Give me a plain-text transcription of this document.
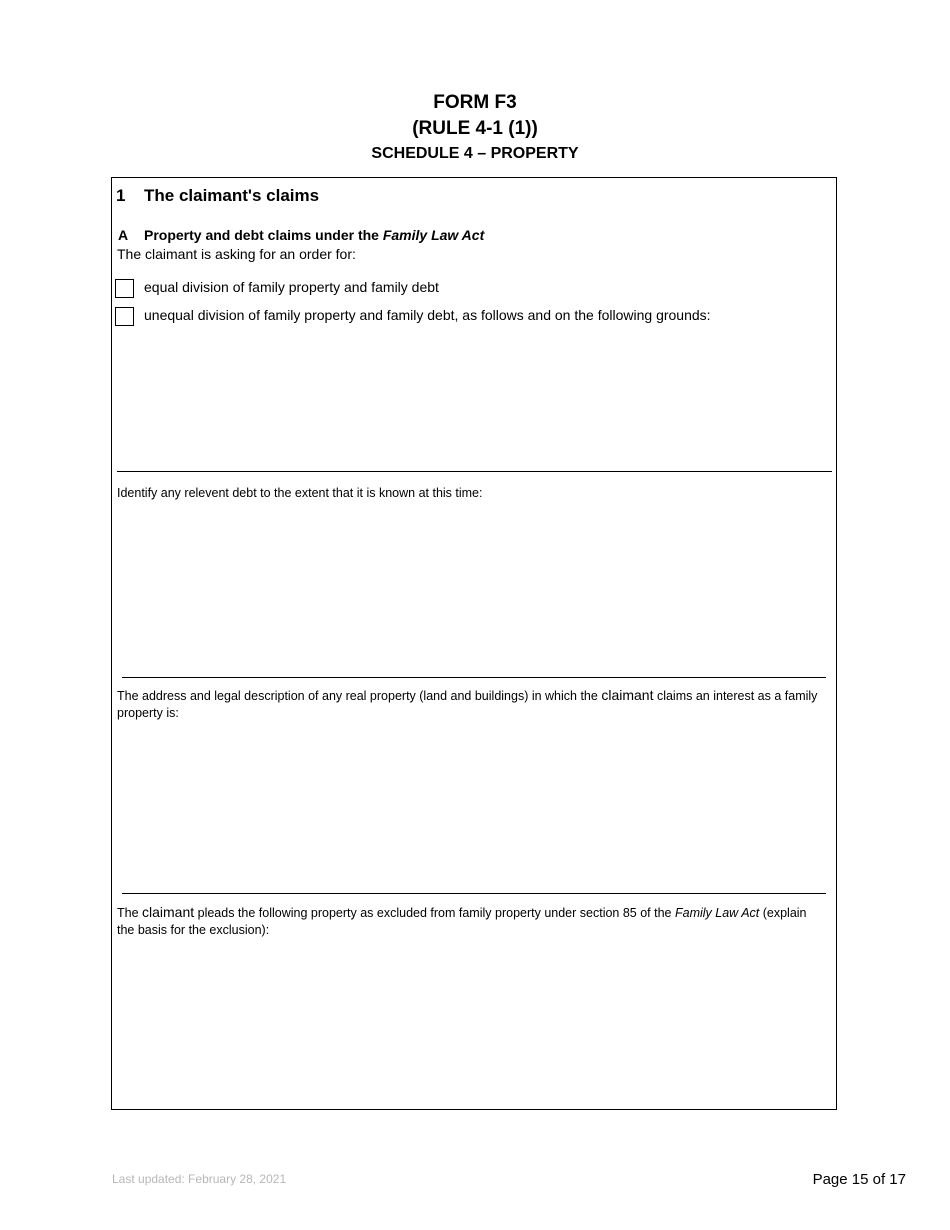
FORM F3
(RULE 4-1 (1))
SCHEDULE 4 – PROPERTY
1 The claimant's claims
A Property and debt claims under the Family Law Act
The claimant is asking for an order for:
equal division of family property and family debt
unequal division of family property and family debt, as follows and on the following grounds:
Identify any relevent debt to the extent that it is known at this time:
The address and legal description of any real property (land and buildings) in which the claimant claims an interest as a family property is:
The claimant pleads the following property as excluded from family property under section 85 of the Family Law Act (explain the basis for the exclusion):
Last updated: February 28, 2021	Page 15 of 17
